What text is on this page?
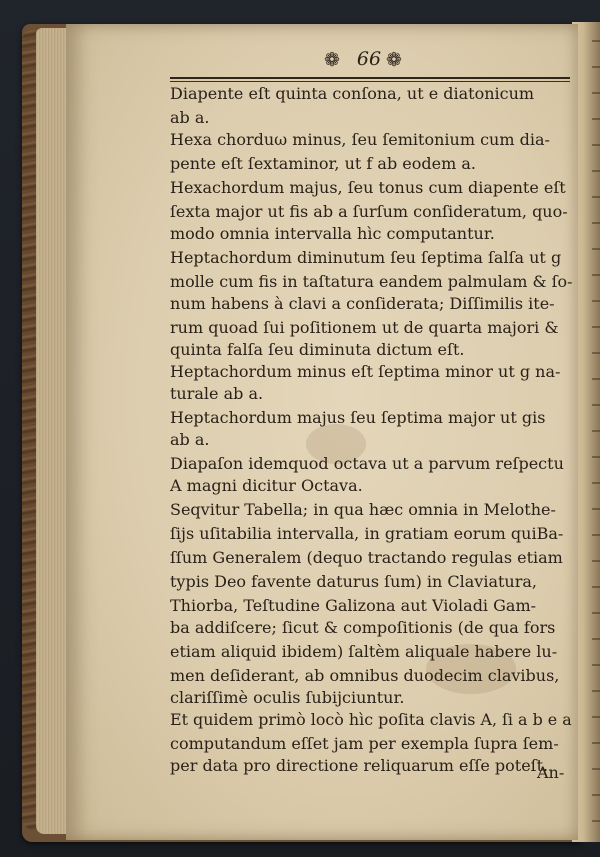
❁ 66 ❁
Diapente eſt quinta conſona, ut e diatonicum
ab a.
Hexa chorduω minus, ſeu ſemitonium cum dia-
pente eſt ſextaminor, ut f ab eodem a.
Hexachordum majus, ſeu tonus cum diapente eſt
ſexta major ut fis ab a ſurſum conſideratum, quo-
modo omnia intervalla hìc computantur.
Heptachordum diminutum ſeu ſeptima ſalſa ut g
molle cum fis in taſtatura eandem palmulam & ſo-
num habens à clavi a conſiderata; Diſſimilis ite-
rum quoad ſui poſitionem ut de quarta majori &
quinta falſa ſeu diminuta dictum eſt.
Heptachordum minus eſt ſeptima minor ut g na-
turale ab a.
Heptachordum majus ſeu ſeptima major ut gis
ab a.
Diapaſon idemquod octava ut a parvum reſpectu
A magni dicitur Octava.
Seqvitur Tabella; in qua hæc omnia in Melothe-
ſijs uſitabilia intervalla, in gratiam eorum quiBa-
ſſum Generalem (dequo tractando regulas etiam
typis Deo favente daturus ſum) in Claviatura,
Thiorba, Teſtudine Galizona aut Violadi Gam-
ba addiſcere; ſicut & compoſitionis (de qua fors
etiam aliquid ibidem) ſaltèm aliquale habere lu-
men deſiderant, ab omnibus duodecim clavibus,
clariſſimè oculis ſubijciuntur.
Et quidem primò locò hìc poſita clavis A, ſi a b e a
computandum eſſet jam per exempla ſupra ſem-
per data pro directione reliquarum eſſe poteſt.
An-
